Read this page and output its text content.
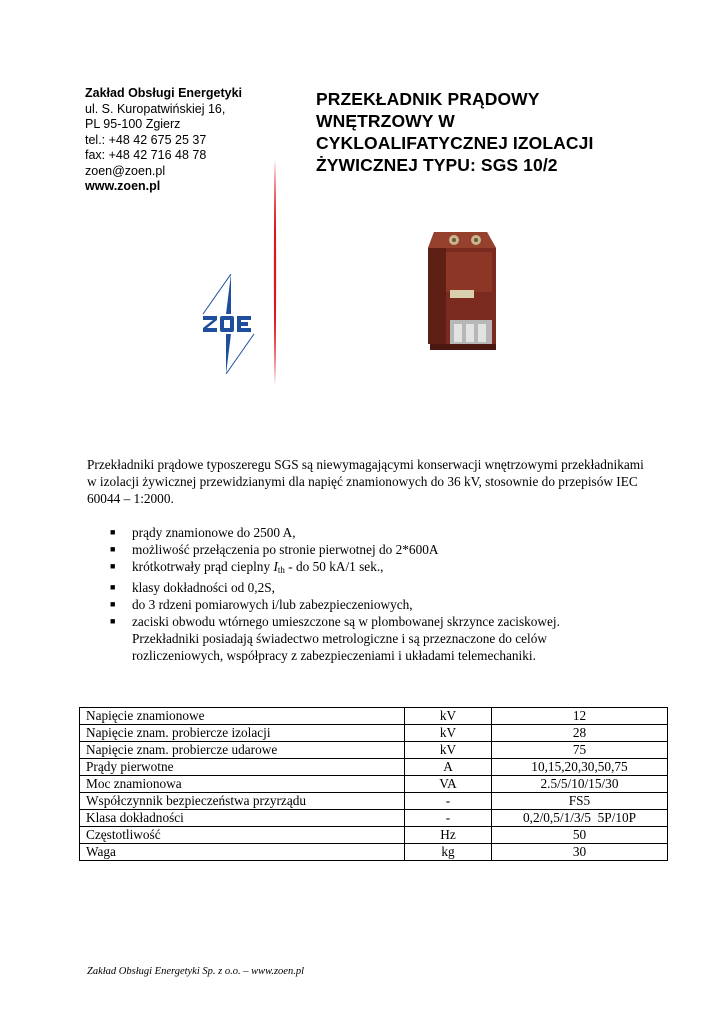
Zakład Obsługi Energetyki
ul. S. Kuropatwińskiej 16,
PL 95-100 Zgierz
tel.: +48 42 675 25 37
fax: +48 42 716 48 78
zoen@zoen.pl
www.zoen.pl
PRZEKŁADNIK PRĄDOWY
WNĘTRZOWY W
CYKLOALIFATYCZNEJ IZOLACJI
ŻYWICZNEJ TYPU: SGS 10/2
Przekładniki prądowe typoszeregu SGS są niewymagającymi konserwacji wnętrzowymi przekładnikami w izolacji żywicznej przewidzianymi dla napięć znamionowych do 36 kV, stosownie do przepisów IEC 60044 – 1:2000.
■ prądy znamionowe do 2500 A,
■ możliwość przełączenia po stronie pierwotnej do 2*600A
■ krótkotrwały prąd cieplny Ith - do 50 kA/1 sek.,
■ klasy dokładności od 0,2S,
■ do 3 rdzeni pomiarowych i/lub zabezpieczeniowych,
■ zaciski obwodu wtórnego umieszczone są w plombowanej skrzynce zaciskowej. Przekładniki posiadają świadectwo metrologiczne i są przeznaczone do celów rozliczeniowych, współpracy z zabezpieczeniami i układami telemechaniki.
Napięcie znamionowe	kV	12
Napięcie znam. probiercze izolacji	kV	28
Napięcie znam. probiercze udarowe	kV	75
Prądy pierwotne	A	10,15,20,30,50,75
Moc znamionowa	VA	2.5/5/10/15/30
Współczynnik bezpieczeństwa przyrządu	-	FS5
Klasa dokładności	-	0,2/0,5/1/3/5  5P/10P
Częstotliwość	Hz	50
Waga	kg	30
Zakład Obsługi Energetyki Sp. z o.o. – www.zoen.pl
